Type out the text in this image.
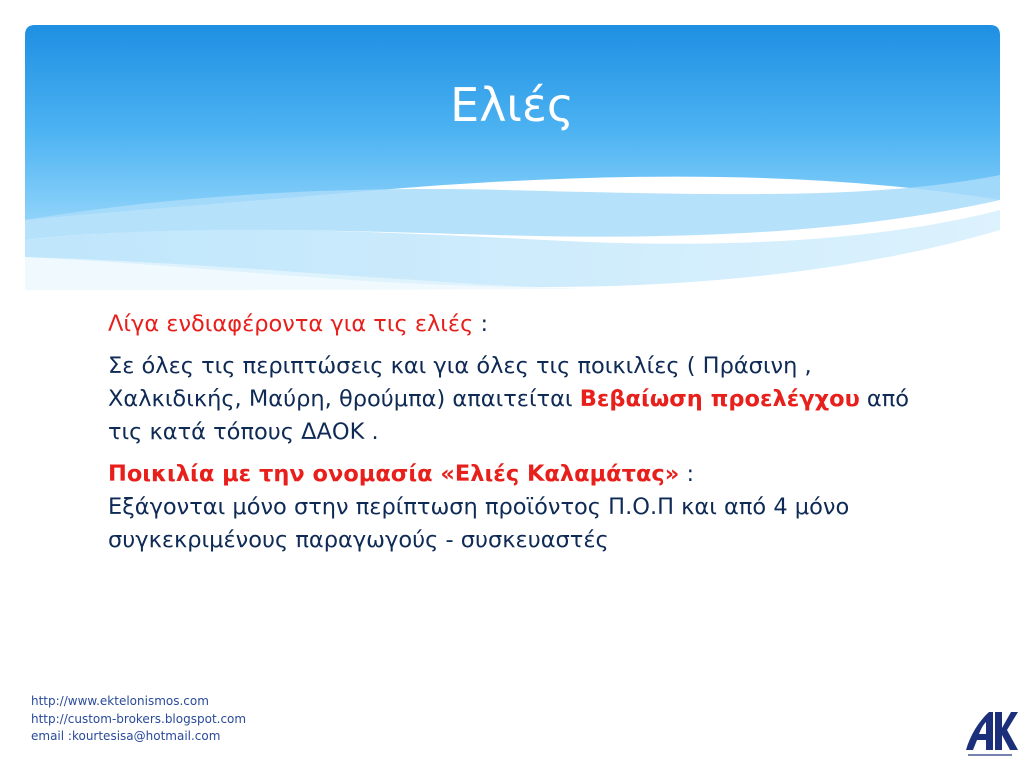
Ελιές

Λίγα ενδιαφέροντα για τις ελιές :

Σε όλες τις περιπτώσεις και για όλες τις ποικιλίες ( Πράσινη , Χαλκιδικής, Μαύρη, θρούμπα) απαιτείται Βεβαίωση προελέγχου από τις κατά τόπους ΔΑΟΚ .

Ποικιλία με την ονομασία «Ελιές Καλαμάτας» :
Εξάγονται μόνο στην περίπτωση προϊόντος Π.Ο.Π και από 4 μόνο συγκεκριμένους παραγωγούς - συσκευαστές

http://www.ektelonismos.com
http://custom-brokers.blogspot.com
email :kourtesisa@hotmail.com
